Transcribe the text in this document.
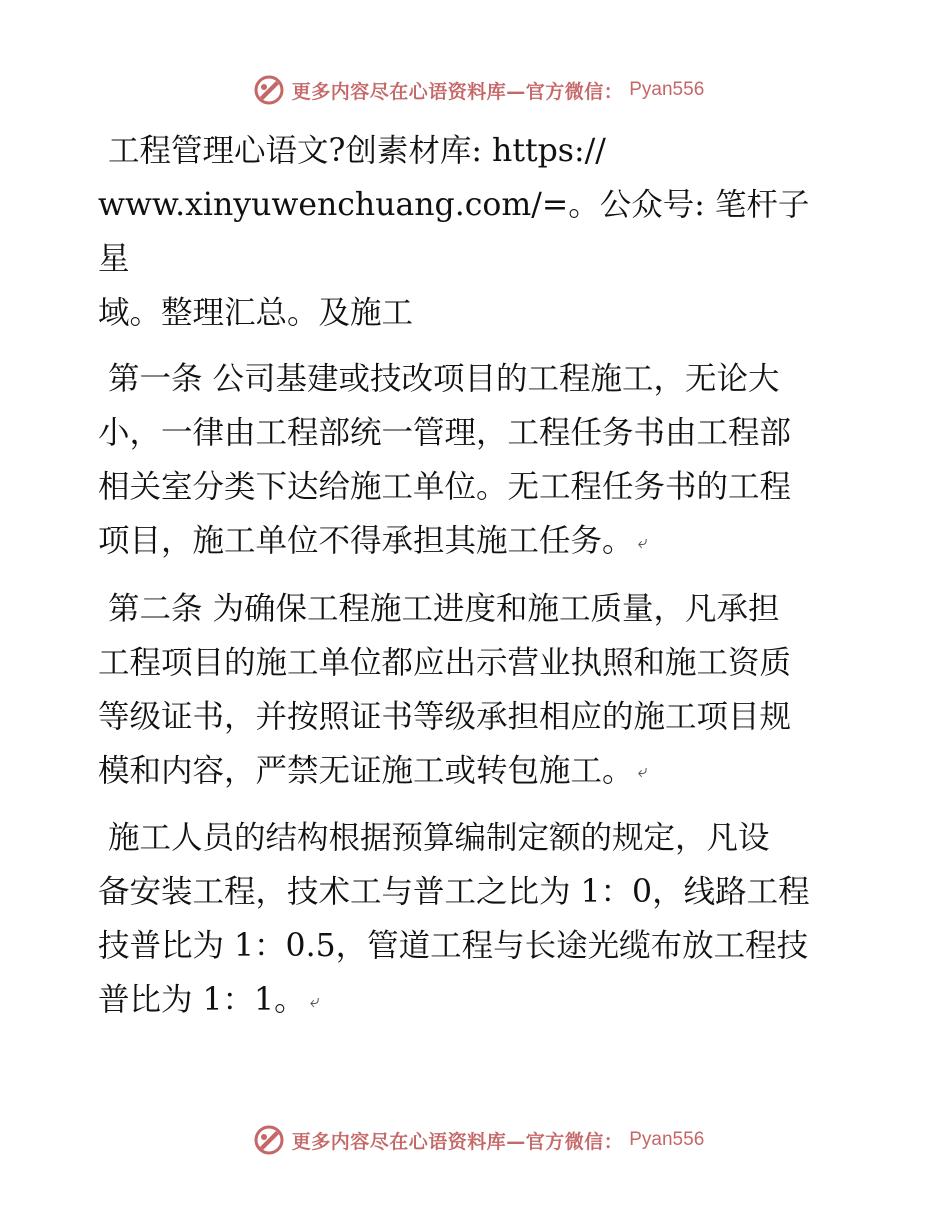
更多内容尽在心语资料库—官方微信： Pyan556

工程管理心语文?创素材库: https://
www.xinyuwenchuang.com/=。公众号: 笔杆子星
域。整理汇总。及施工

第一条 公司基建或技改项目的工程施工，无论大
小，一律由工程部统一管理，工程任务书由工程部
相关室分类下达给施工单位。无工程任务书的工程
项目，施工单位不得承担其施工任务。 ⤶

第二条 为确保工程施工进度和施工质量，凡承担
工程项目的施工单位都应出示营业执照和施工资质
等级证书，并按照证书等级承担相应的施工项目规
模和内容，严禁无证施工或转包施工。 ⤶

施工人员的结构根据预算编制定额的规定，凡设
备安装工程，技术工与普工之比为 1：0，线路工程
技普比为 1：0.5，管道工程与长途光缆布放工程技
普比为 1：1。 ⤶

更多内容尽在心语资料库—官方微信： Pyan556
